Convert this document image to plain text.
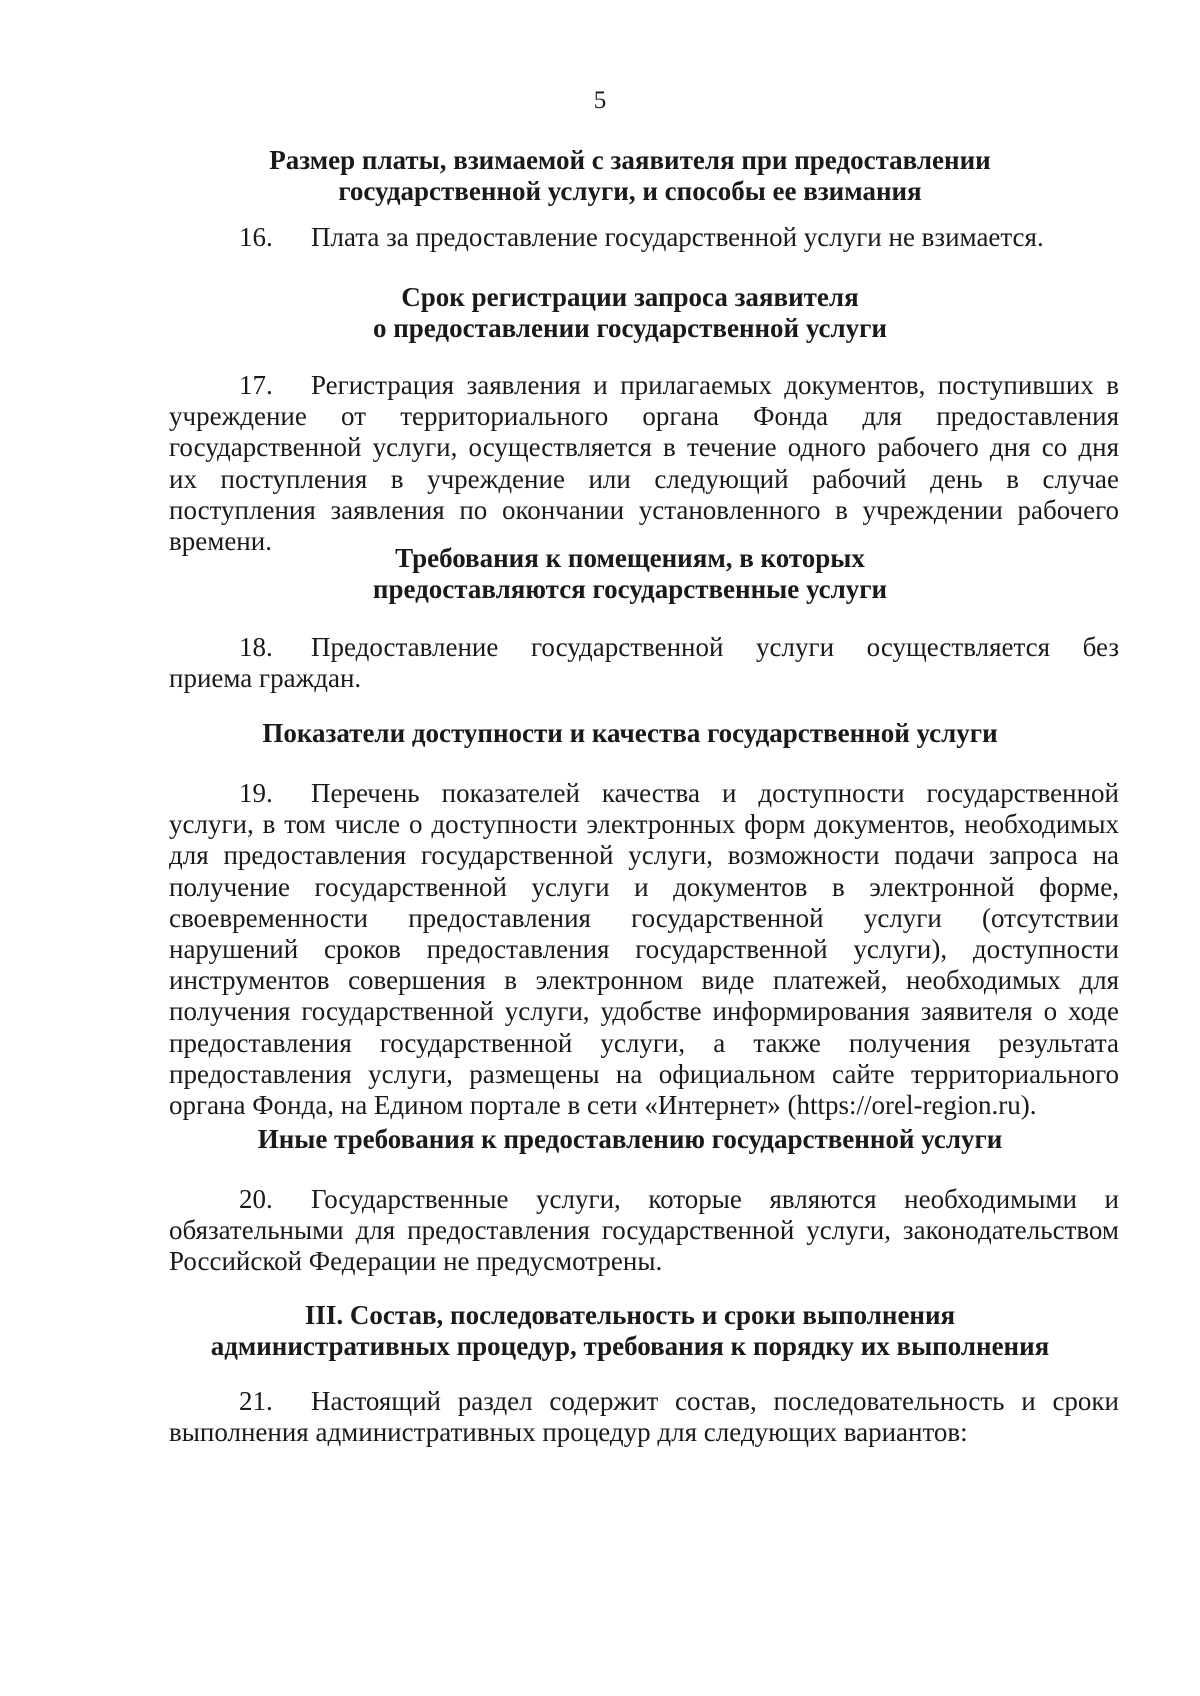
5
Размер платы, взимаемой с заявителя при предоставлении
государственной услуги, и способы ее взимания
16. Плата за предоставление государственной услуги не взимается.
Срок регистрации запроса заявителя
о предоставлении государственной услуги
17. Регистрация заявления и прилагаемых документов, поступивших в
учреждение от территориального органа Фонда для предоставления
государственной услуги, осуществляется в течение одного рабочего дня со дня
их поступления в учреждение или следующий рабочий день в случае
поступления заявления по окончании установленного в учреждении рабочего
времени.
Требования к помещениям, в которых
предоставляются государственные услуги
18. Предоставление государственной услуги осуществляется без
приема граждан.
Показатели доступности и качества государственной услуги
19. Перечень показателей качества и доступности государственной
услуги, в том числе о доступности электронных форм документов, необходимых
для предоставления государственной услуги, возможности подачи запроса на
получение государственной услуги и документов в электронной форме,
своевременности предоставления государственной услуги (отсутствии
нарушений сроков предоставления государственной услуги), доступности
инструментов совершения в электронном виде платежей, необходимых для
получения государственной услуги, удобстве информирования заявителя о ходе
предоставления государственной услуги, а также получения результата
предоставления услуги, размещены на официальном сайте территориального
органа Фонда, на Едином портале в сети «Интернет» (https://orel-region.ru).
Иные требования к предоставлению государственной услуги
20. Государственные услуги, которые являются необходимыми и
обязательными для предоставления государственной услуги, законодательством
Российской Федерации не предусмотрены.
III. Состав, последовательность и сроки выполнения
административных процедур, требования к порядку их выполнения
21. Настоящий раздел содержит состав, последовательность и сроки
выполнения административных процедур для следующих вариантов:
